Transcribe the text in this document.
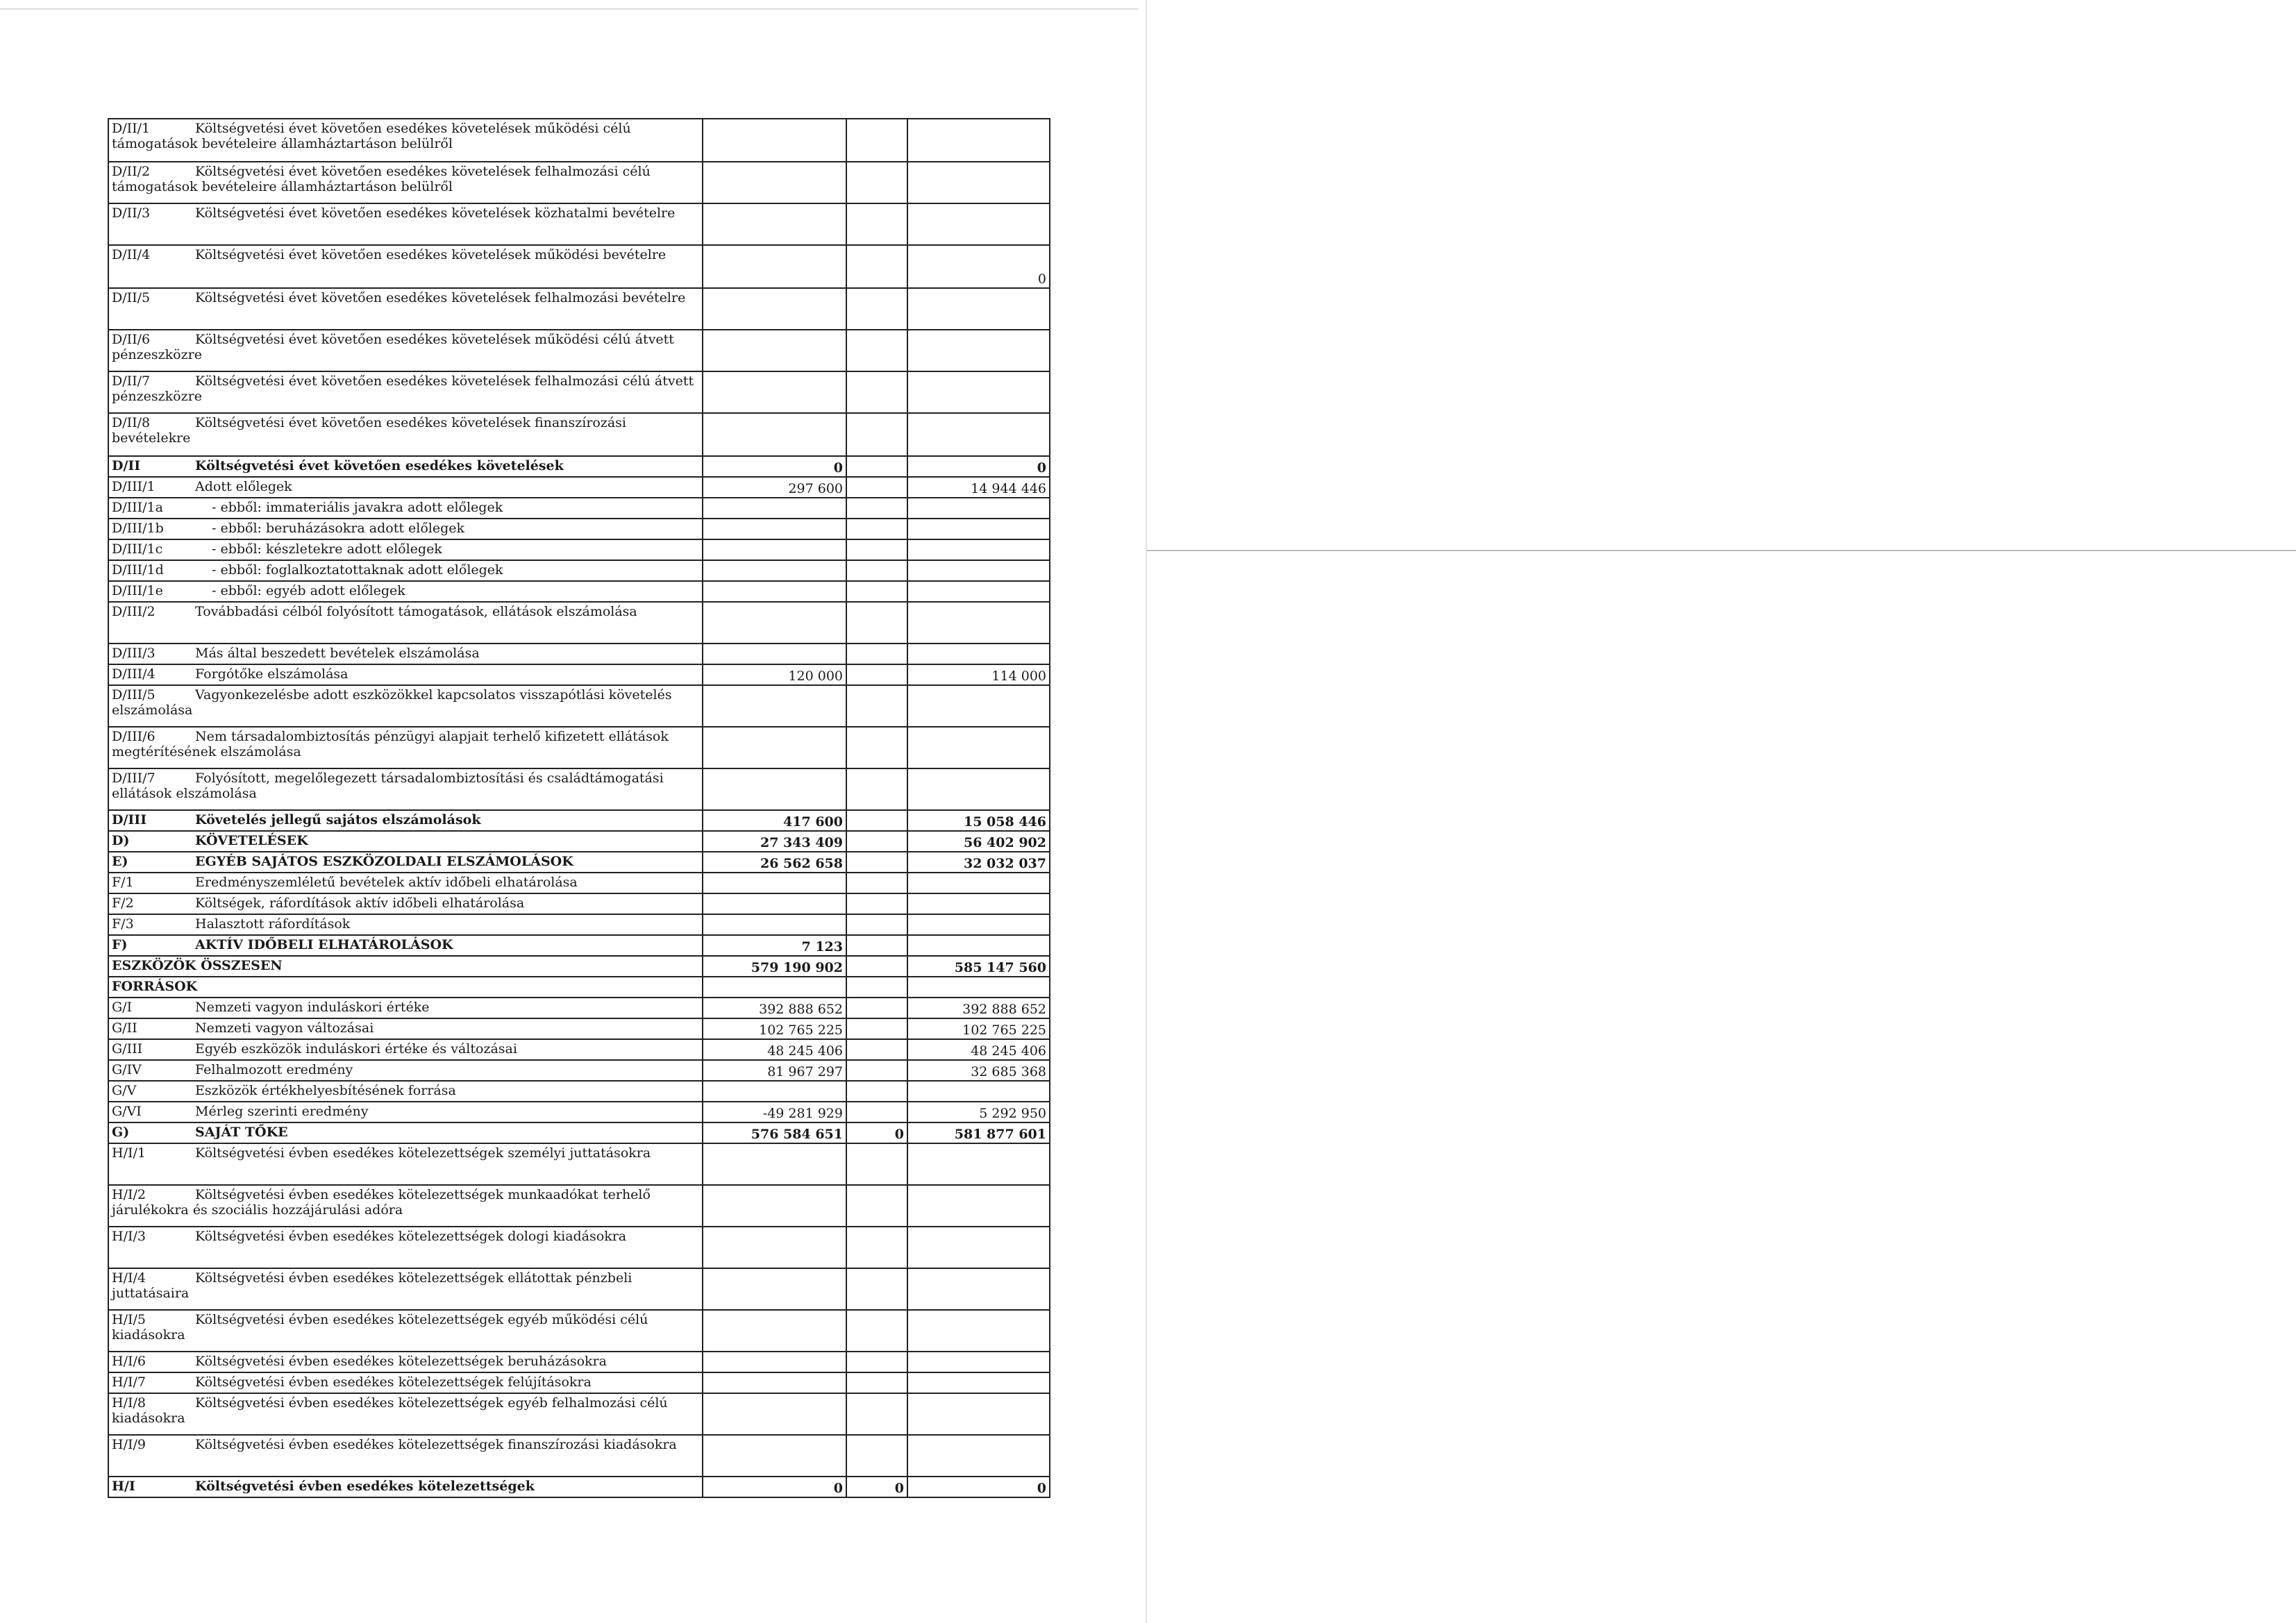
D/II/1 Költségvetési évet követően esedékes követelések működési célú támogatások bevételeire államháztartáson belülről			
D/II/2 Költségvetési évet követően esedékes követelések felhalmozási célú támogatások bevételeire államháztartáson belülről			
D/II/3 Költségvetési évet követően esedékes követelések közhatalmi bevételre			
D/II/4 Költségvetési évet követően esedékes követelések működési bevételre			0
D/II/5 Költségvetési évet követően esedékes követelések felhalmozási bevételre			
D/II/6 Költségvetési évet követően esedékes követelések működési célú átvett pénzeszközre			
D/II/7 Költségvetési évet követően esedékes követelések felhalmozási célú átvett pénzeszközre			
D/II/8 Költségvetési évet követően esedékes követelések finanszírozási bevételekre			
D/II Költségvetési évet követően esedékes követelések	0		0
D/III/1 Adott előlegek	297 600		14 944 446
D/III/1a - ebből: immateriális javakra adott előlegek			
D/III/1b - ebből: beruházásokra adott előlegek			
D/III/1c - ebből: készletekre adott előlegek			
D/III/1d - ebből: foglalkoztatottaknak adott előlegek			
D/III/1e - ebből: egyéb adott előlegek			
D/III/2 Továbbadási célból folyósított támogatások, ellátások elszámolása			
D/III/3 Más által beszedett bevételek elszámolása			
D/III/4 Forgótőke elszámolása	120 000		114 000
D/III/5 Vagyonkezelésbe adott eszközökkel kapcsolatos visszapótlási követelés elszámolása			
D/III/6 Nem társadalombiztosítás pénzügyi alapjait terhelő kifizetett ellátások megtérítésének elszámolása			
D/III/7 Folyósított, megelőlegezett társadalombiztosítási és családtámogatási ellátások elszámolása			
D/III Követelés jellegű sajátos elszámolások	417 600		15 058 446
D) KÖVETELÉSEK	27 343 409		56 402 902
E) EGYÉB SAJÁTOS ESZKÖZOLDALI ELSZÁMOLÁSOK	26 562 658		32 032 037
F/1 Eredményszemléletű bevételek aktív időbeli elhatárolása			
F/2 Költségek, ráfordítások aktív időbeli elhatárolása			
F/3 Halasztott ráfordítások			
F) AKTÍV IDŐBELI ELHATÁROLÁSOK	7 123		
ESZKÖZÖK ÖSSZESEN	579 190 902		585 147 560
FORRÁSOK			
G/I Nemzeti vagyon induláskori értéke	392 888 652		392 888 652
G/II Nemzeti vagyon változásai	102 765 225		102 765 225
G/III Egyéb eszközök induláskori értéke és változásai	48 245 406		48 245 406
G/IV Felhalmozott eredmény	81 967 297		32 685 368
G/V Eszközök értékhelyesbítésének forrása			
G/VI Mérleg szerinti eredmény	-49 281 929		5 292 950
G) SAJÁT TŐKE	576 584 651	0	581 877 601
H/I/1 Költségvetési évben esedékes kötelezettségek személyi juttatásokra			
H/I/2 Költségvetési évben esedékes kötelezettségek munkaadókat terhelő járulékokra és szociális hozzájárulási adóra			
H/I/3 Költségvetési évben esedékes kötelezettségek dologi kiadásokra			
H/I/4 Költségvetési évben esedékes kötelezettségek ellátottak pénzbeli juttatásaira			
H/I/5 Költségvetési évben esedékes kötelezettségek egyéb működési célú kiadásokra			
H/I/6 Költségvetési évben esedékes kötelezettségek beruházásokra			
H/I/7 Költségvetési évben esedékes kötelezettségek felújításokra			
H/I/8 Költségvetési évben esedékes kötelezettségek egyéb felhalmozási célú kiadásokra			
H/I/9 Költségvetési évben esedékes kötelezettségek finanszírozási kiadásokra			
H/I Költségvetési évben esedékes kötelezettségek	0	0	0
